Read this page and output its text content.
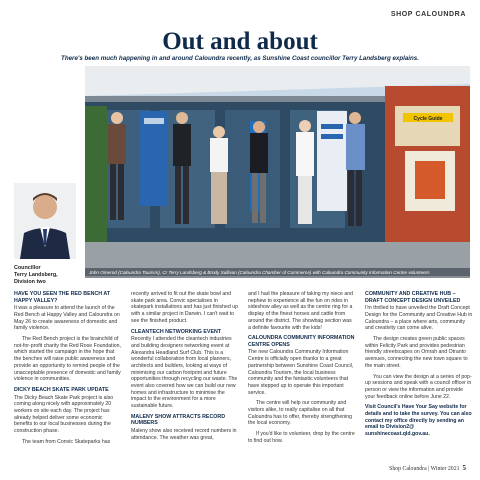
SHOP CALOUNDRA
Out and about
There's been much happening in and around Caloundra recently, as Sunshine Coast councillor Terry Landsberg explains.
Cycle Guide
John Omerod (Caloundra Tourism), Cr Terry Landsberg & Brody Sullivan (Caloundra Chamber of Commerce) with Caloundra Community Information Centre volunteers
Councillor
Terry Landsberg,
Division two
HAVE YOU SEEN THE RED BENCH AT HAPPY VALLEY?

It was a pleasure to attend the launch of the Red Bench at Happy Valley and Caloundra on May 26 to create awareness of domestic and family violence.

The Red Bench project is the brainchild of not-for-profit charity the Red Rose Foundation, which started the campaign in the hope that the benches will raise public awareness and provide an opportunity to remind people of the unacceptable presence of domestic and family violence in communities.

DICKY BEACH SKATE PARK UPDATE

The Dicky Beach Skate Park project is also coming along nicely with approximately 20 workers on site each day. The project has already helped deliver some economic benefits to our local businesses during the construction phase.

The team from Convic Skateparks has

recently arrived to fit out the skate bowl and skate park area. Convic specialises in skatepark installations and has just finished up with a similar project in Darwin. I can't wait to see the finished product.

CLEANTECH NETWORKING EVENT

Recently I attended the cleantech industries and building designers networking event at Alexandra Headland Surf Club. This is a wonderful collaboration from local planners, architects and builders, looking at ways of minimising our carbon footprint and future opportunities through recycling our waste. The event also covered how we can build our new homes and infrastructure to minimise the impact to the environment for a more sustainable future.

MALENY SHOW ATTRACTS RECORD NUMBERS

Maleny show also received record numbers in attendance. The weather was great,

and I had the pleasure of taking my niece and nephew to experience all the fun on rides in sideshow alley as well as the centre ring for a display of the finest horses and cattle from around the district. The showbag section was a definite favourite with the kids!

CALOUNDRA COMMUNITY INFORMATION CENTRE OPENS

The new Caloundra Community Information Centre is officially open thanks to a great partnership between Sunshine Coast Council, Caloundra Tourism, the local business community and the fantastic volunteers that have stepped up to operate this important service.

The centre will help our community and visitors alike, to really capitalise on all that Caloundra has to offer, thereby strengthening the local economy.

If you'd like to volunteer, drop by the centre to find out how.

COMMUNITY AND CREATIVE HUB – DRAFT CONCEPT DESIGN UNVEILED

I'm thrilled to have unveiled the Draft Concept Design for the Community and Creative Hub in Caloundra – a place where arts, community and creativity can come alive.

The design creates green public spaces within Felicity Park and provides pedestrian friendly streetscapes on Omrah and Otranto avenues, connecting the new town square to the main street.

You can view the design at a series of pop-up sessions and speak with a council officer in person or view the information and provide your feedback online before June 22.

Visit Council's Have Your Say website for details and to take the survey. You can also contact my office directly by sending an email to Division2@ sunshinecoast.qld.gov.au.

Shop Caloundra | Winter 2021 5
